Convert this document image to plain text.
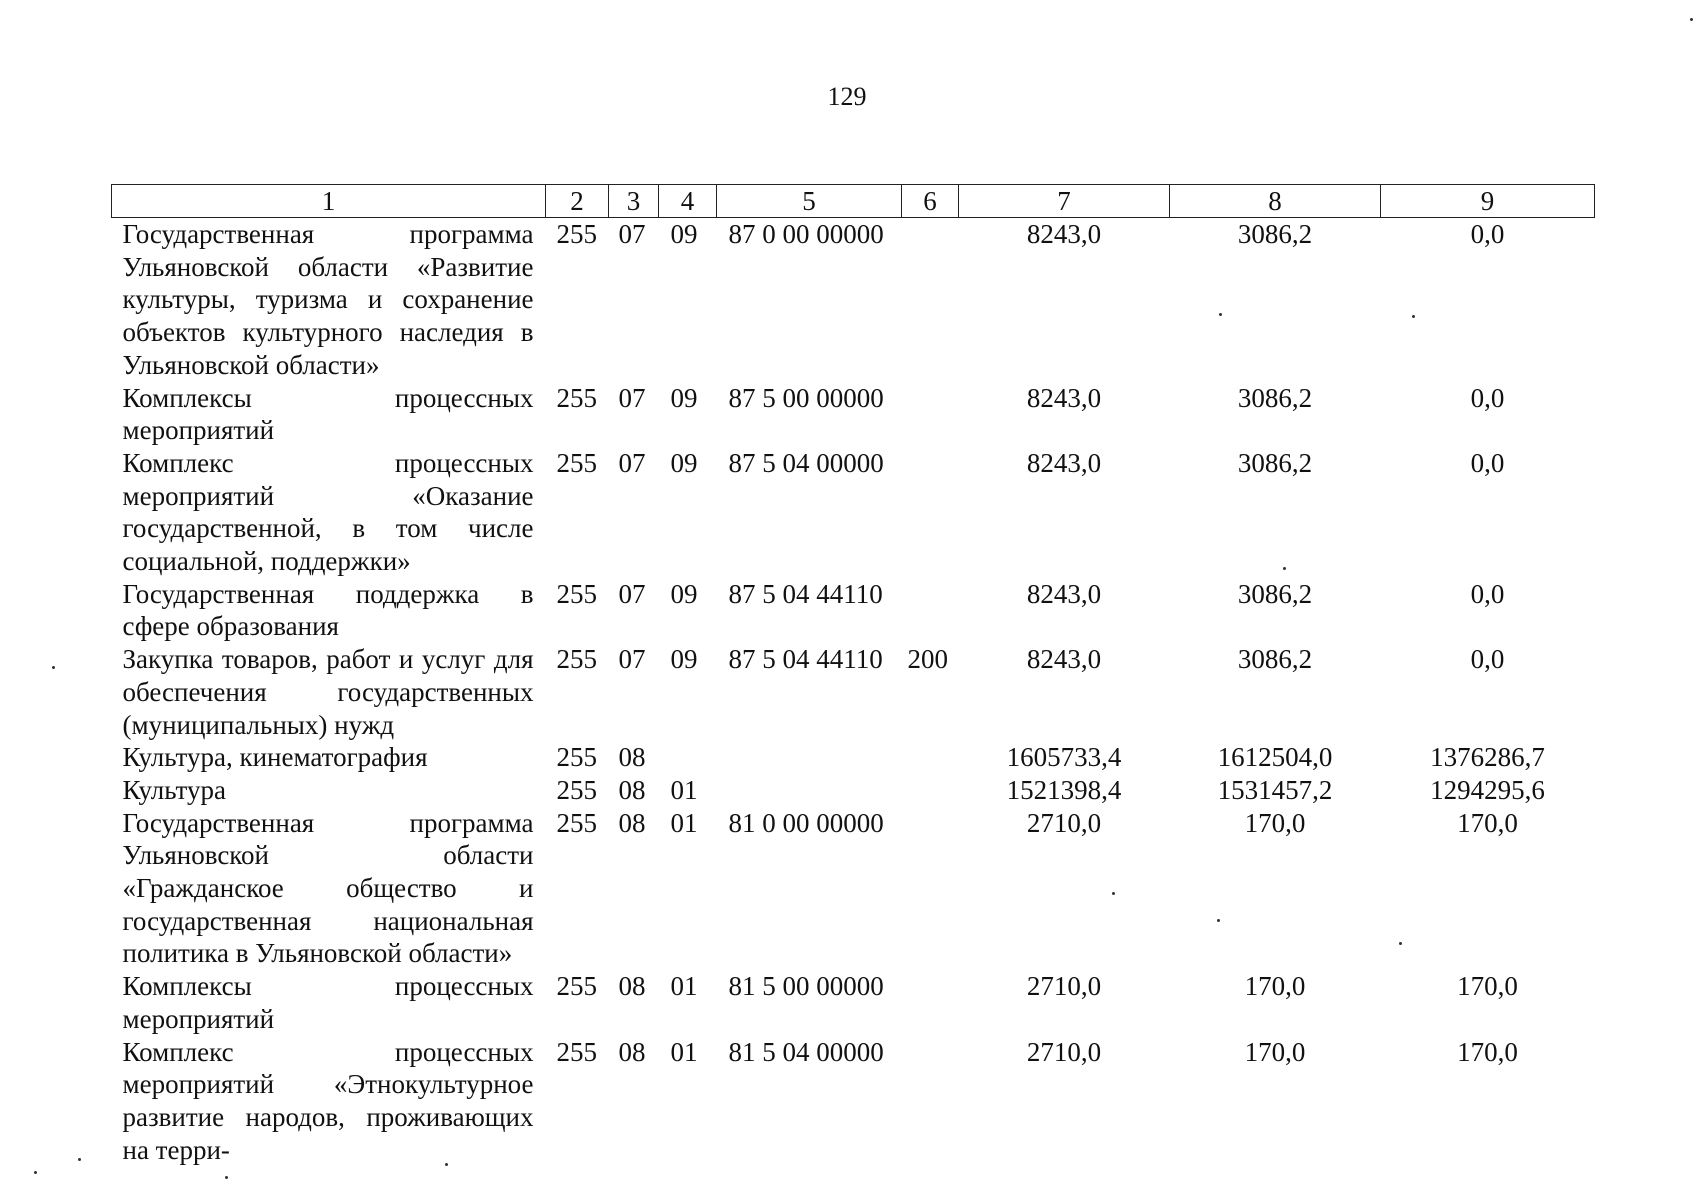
129
1	2	3	4	5	6	7	8	9
Государственная программа Ульяновской области «Развитие культуры, туризма и сохранение объектов культурного наследия в Ульяновской области»	255	07	09	87 0 00 00000		8243,0	3086,2	0,0
Комплексы процессных мероприятий	255	07	09	87 5 00 00000		8243,0	3086,2	0,0
Комплекс процессных мероприятий «Оказание государственной, в том числе социальной, поддержки»	255	07	09	87 5 04 00000		8243,0	3086,2	0,0
Государственная поддержка в сфере образования	255	07	09	87 5 04 44110		8243,0	3086,2	0,0
Закупка товаров, работ и услуг для обеспечения государственных (муниципальных) нужд	255	07	09	87 5 04 44110	200	8243,0	3086,2	0,0
Культура, кинематография	255	08				1605733,4	1612504,0	1376286,7
Культура	255	08	01			1521398,4	1531457,2	1294295,6
Государственная программа Ульяновской области «Гражданское общество и государственная национальная политика в Ульяновской области»	255	08	01	81 0 00 00000		2710,0	170,0	170,0
Комплексы процессных мероприятий	255	08	01	81 5 00 00000		2710,0	170,0	170,0
Комплекс процессных мероприятий «Этнокультурное развитие народов, проживающих на терри-	255	08	01	81 5 04 00000		2710,0	170,0	170,0
